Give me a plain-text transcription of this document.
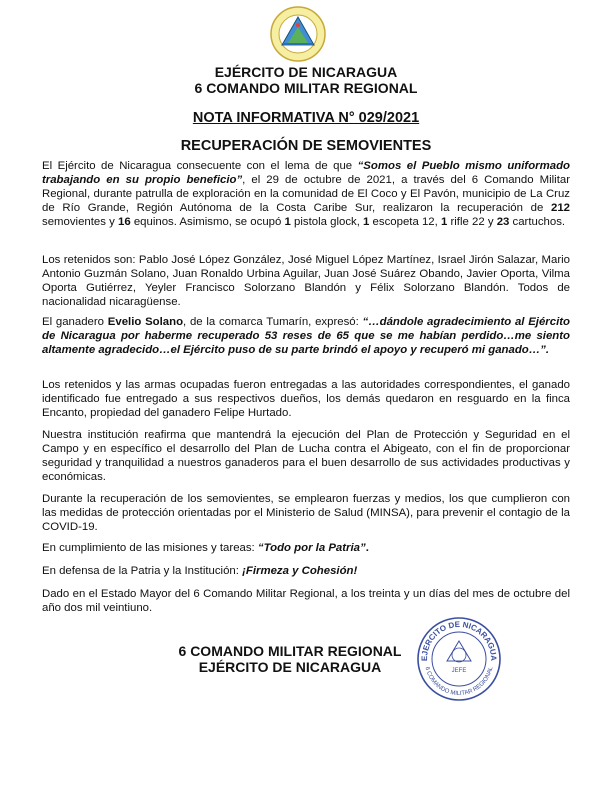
EJÉRCITO DE NICARAGUA
6 COMANDO MILITAR REGIONAL
NOTA INFORMATIVA N° 029/2021
RECUPERACIÓN DE SEMOVIENTES

El Ejército de Nicaragua consecuente con el lema de que “Somos el Pueblo mismo uniformado trabajando en su propio beneficio”, el 29 de octubre de 2021, a través del 6 Comando Militar Regional, durante patrulla de exploración en la comunidad de El Coco y El Pavón, municipio de La Cruz de Río Grande, Región Autónoma de la Costa Caribe Sur, realizaron la recuperación de 212 semovientes y 16 equinos. Asimismo, se ocupó 1 pistola glock, 1 escopeta 12, 1 rifle 22 y 23 cartuchos.

Los retenidos son: Pablo José López González, José Miguel López Martínez, Israel Jirón Salazar, Mario Antonio Guzmán Solano, Juan Ronaldo Urbina Aguilar, Juan José Suárez Obando, Javier Oporta, Vilma Oporta Gutiérrez, Yeyler Francisco Solorzano Blandón y Félix Solorzano Blandón. Todos de nacionalidad nicaragüense.

El ganadero Evelio Solano, de la comarca Tumarín, expresó: “…dándole agradecimiento al Ejército de Nicaragua por haberme recuperado 53 reses de 65 que se me habían perdido…me siento altamente agradecido…el Ejército puso de su parte brindó el apoyo y recuperó mi ganado…”.

Los retenidos y las armas ocupadas fueron entregadas a las autoridades correspondientes, el ganado identificado fue entregado a sus respectivos dueños, los demás quedaron en resguardo en la finca Encanto, propiedad del ganadero Felipe Hurtado.

Nuestra institución reafirma que mantendrá la ejecución del Plan de Protección y Seguridad en el Campo y en específico el desarrollo del Plan de Lucha contra el Abigeato, con el fin de proporcionar seguridad y tranquilidad a nuestros ganaderos para el buen desarrollo de sus actividades productivas y económicas.

Durante la recuperación de los semovientes, se emplearon fuerzas y medios, los que cumplieron con las medidas de protección orientadas por el Ministerio de Salud (MINSA), para prevenir el contagio de la COVID-19.

En cumplimiento de las misiones y tareas: “Todo por la Patria”.

En defensa de la Patria y la Institución: ¡Firmeza y Cohesión!

Dado en el Estado Mayor del 6 Comando Militar Regional, a los treinta y un días del mes de octubre del año dos mil veintiuno.

6 COMANDO MILITAR REGIONAL
EJÉRCITO DE NICARAGUA
EJERCITO DE NICARAGUA
6 COMANDO MILITAR REGIONAL
JEFE
